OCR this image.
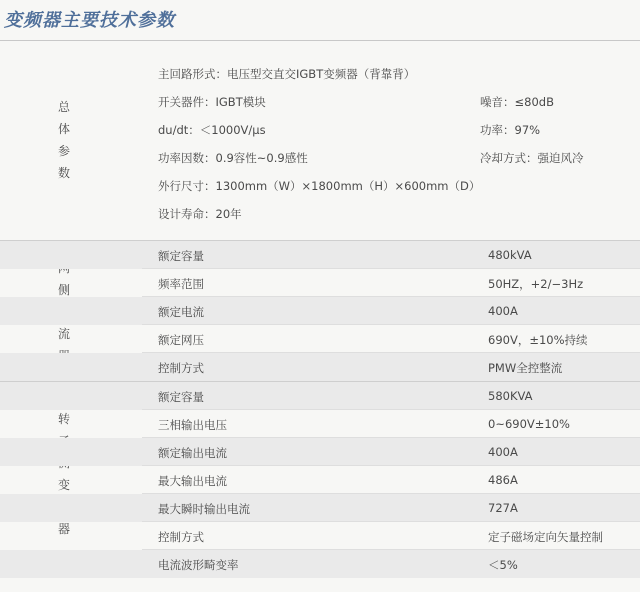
变频器主要技术参数
总
体
参
数
主回路形式：电压型交直交IGBT变频器（背靠背）
开关器件：IGBT模块	噪音：≤80dB
du/dt：＜1000V/μs	功率：97%
功率因数：0.9容性~0.9感性	冷却方式：强迫风冷
外行尺寸：1300mm（W）×1800mm（H）×600mm（D）
设计寿命：20年
侧
流
额定容量	480kVA
频率范围	50HZ，+2/−3Hz
额定电流	400A
额定网压	690V，±10%持续
控制方式	PMW全控整流
转
变
器
额定容量	580KVA
三相输出电压	0~690V±10%
额定输出电流	400A
最大输出电流	486A
最大瞬时输出电流	727A
控制方式	定子磁场定向矢量控制
电流波形畸变率	＜5%
